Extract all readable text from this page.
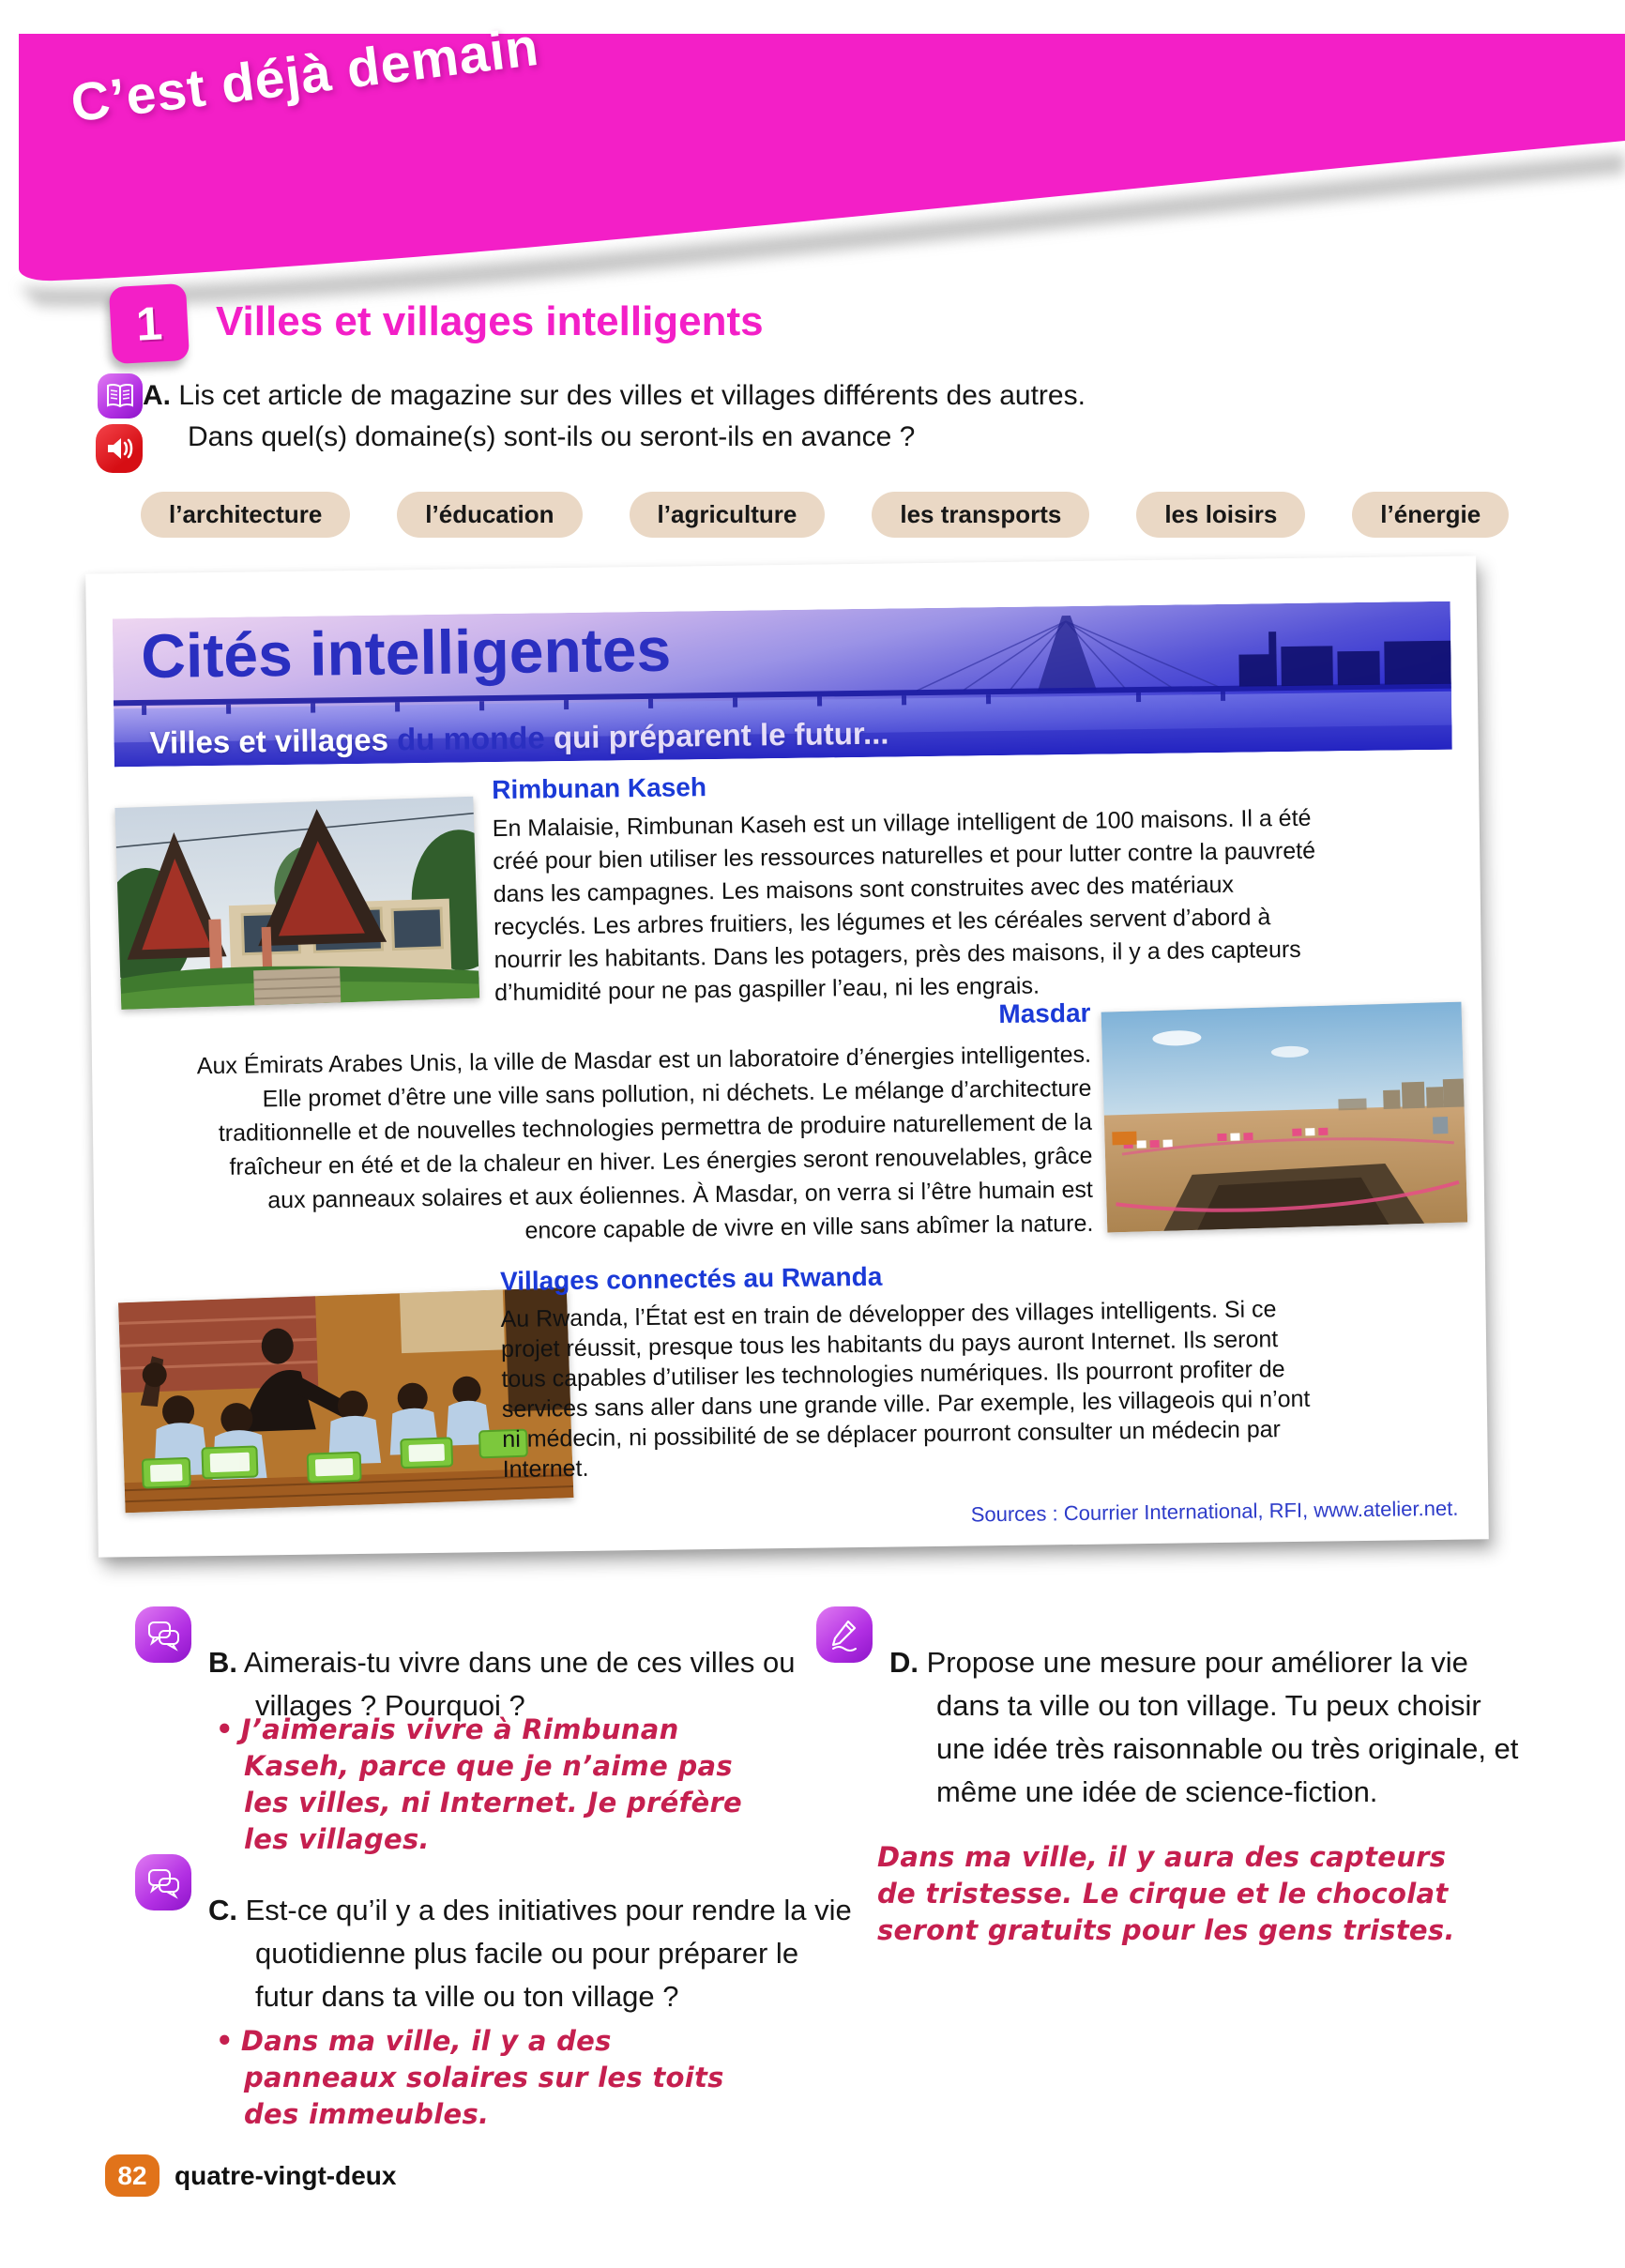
C’est déjà demain
1 Villes et villages intelligents
A. Lis cet article de magazine sur des villes et villages différents des autres.
Dans quel(s) domaine(s) sont-ils ou seront-ils en avance ?
l’architecture	l’éducation	l’agriculture	les transports	les loisirs	l’énergie
Cités intelligentes
Villes et villages du monde qui préparent le futur...
Rimbunan Kaseh
En Malaisie, Rimbunan Kaseh est un village intelligent de 100 maisons. Il a été créé pour bien utiliser les ressources naturelles et pour lutter contre la pauvreté dans les campagnes. Les maisons sont construites avec des matériaux recyclés. Les arbres fruitiers, les légumes et les céréales servent d’abord à nourrir les habitants. Dans les potagers, près des maisons, il y a des capteurs d’humidité pour ne pas gaspiller l’eau, ni les engrais.
Masdar
Aux Émirats Arabes Unis, la ville de Masdar est un laboratoire d’énergies intelligentes. Elle promet d’être une ville sans pollution, ni déchets. Le mélange d’architecture traditionnelle et de nouvelles technologies permettra de produire naturellement de la fraîcheur en été et de la chaleur en hiver. Les énergies seront renouvelables, grâce aux panneaux solaires et aux éoliennes. À Masdar, on verra si l’être humain est encore capable de vivre en ville sans abîmer la nature.
Villages connectés au Rwanda
Au Rwanda, l’État est en train de développer des villages intelligents. Si ce projet réussit, presque tous les habitants du pays auront Internet. Ils seront tous capables d’utiliser les technologies numériques. Ils pourront profiter de services sans aller dans une grande ville. Par exemple, les villageois qui n’ont ni médecin, ni possibilité de se déplacer pourront consulter un médecin par Internet.
Sources : Courrier International, RFI, www.atelier.net.

B. Aimerais-tu vivre dans une de ces villes ou villages ? Pourquoi ?

• J’aimerais vivre à Rimbunan Kaseh, parce que je n’aime pas les villes, ni Internet. Je préfère les villages.

C. Est-ce qu’il y a des initiatives pour rendre la vie quotidienne plus facile ou pour préparer le futur dans ta ville ou ton village ?

• Dans ma ville, il y a des panneaux solaires sur les toits des immeubles.

D. Propose une mesure pour améliorer la vie dans ta ville ou ton village. Tu peux choisir une idée très raisonnable ou très originale, et même une idée de science-fiction.

Dans ma ville, il y aura des capteurs de tristesse. Le cirque et le chocolat seront gratuits pour les gens tristes.
82 quatre-vingt-deux
